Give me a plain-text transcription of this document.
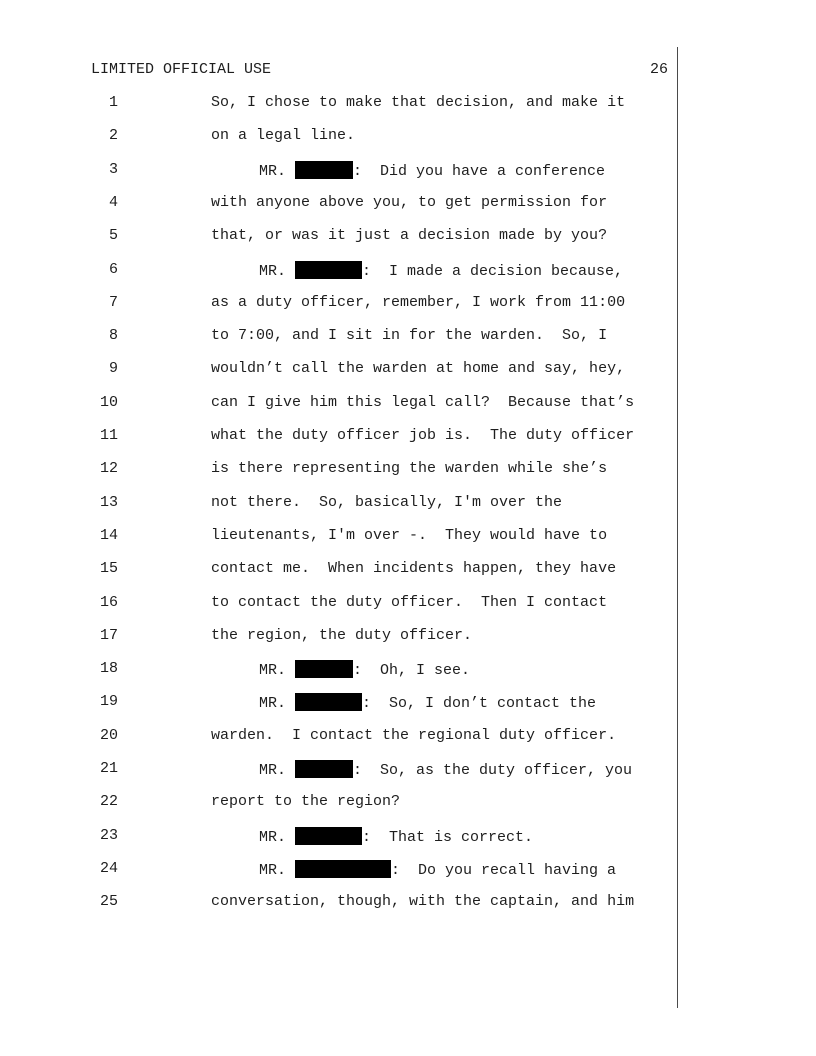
LIMITED OFFICIAL USE	26
1	So, I chose to make that decision, and make it
2	on a legal line.
3	MR.	:  Did you have a conference
4	with anyone above you, to get permission for
5	that, or was it just a decision made by you?
6	MR.	:  I made a decision because,
7	as a duty officer, remember, I work from 11:00
8	to 7:00, and I sit in for the warden.  So, I
9	wouldn’t call the warden at home and say, hey,
10	can I give him this legal call?  Because that’s
11	what the duty officer job is.  The duty officer
12	is there representing the warden while she’s
13	not there.  So, basically, I'm over the
14	lieutenants, I'm over -.  They would have to
15	contact me.  When incidents happen, they have
16	to contact the duty officer.  Then I contact
17	the region, the duty officer.
18	MR.	:  Oh, I see.
19	MR.	:  So, I don’t contact the
20	warden.  I contact the regional duty officer.
21	MR.	:  So, as the duty officer, you
22	report to the region?
23	MR.	:  That is correct.
24	MR.	:  Do you recall having a
25	conversation, though, with the captain, and him
